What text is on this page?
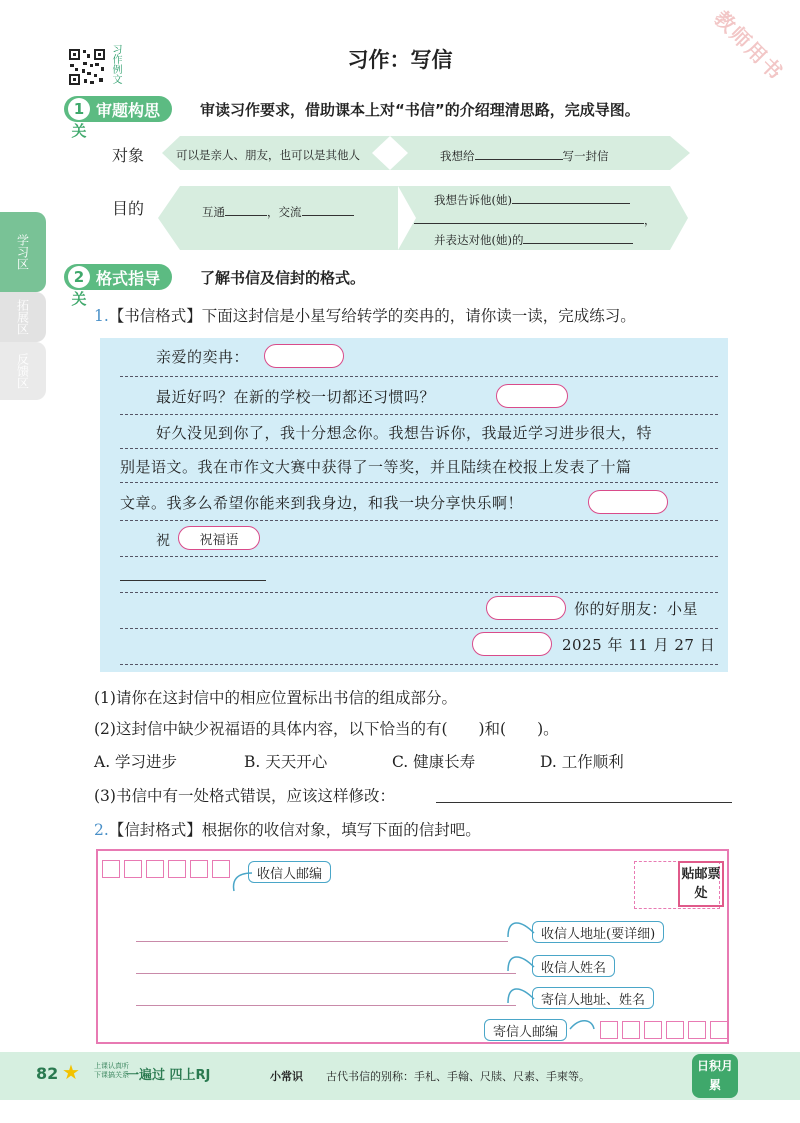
习作例文	习作：写信	教师用书
学习区
拓展区
反馈区
1关
审题构思	审读习作要求，借助课本上对“书信”的介绍理清思路，完成导图。
对象	可以是亲人、朋友，也可以是其他人	我想给	写一封信
目的	互通	，交流
我想告诉他(她)
，
并表达对他(她)的
2关
格式指导	了解书信及信封的格式。
1.【书信格式】下面这封信是小星写给转学的奕冉的，请你读一读，完成练习。
亲爱的奕冉：
最近好吗？在新的学校一切都还习惯吗？
好久没见到你了，我十分想念你。我想告诉你，我最近学习进步很大，特
别是语文。我在市作文大赛中获得了一等奖，并且陆续在校报上发表了十篇
文章。我多么希望你能来到我身边，和我一块分享快乐啊！
祝	祝福语
你的好朋友：小星
2025 年 11 月 27 日
(1)请你在这封信中的相应位置标出书信的组成部分。
(2)这封信中缺少祝福语的具体内容，以下恰当的有(　　)和(　　)。
A. 学习进步	B. 天天开心	C. 健康长寿	D. 工作顺利
(3)书信中有一处格式错误，应该这样修改：
2.【信封格式】根据你的收信对象，填写下面的信封吧。
收信人邮编	贴邮票处
收信人地址(要详细)
收信人姓名
寄信人地址、姓名
寄信人邮编
82 ★ 上课认真听
下课搞关系
一遍过 四上RJ	小常识 古代书信的别称：手札、手翰、尺牍、尺素、手柬等。
日积月累
